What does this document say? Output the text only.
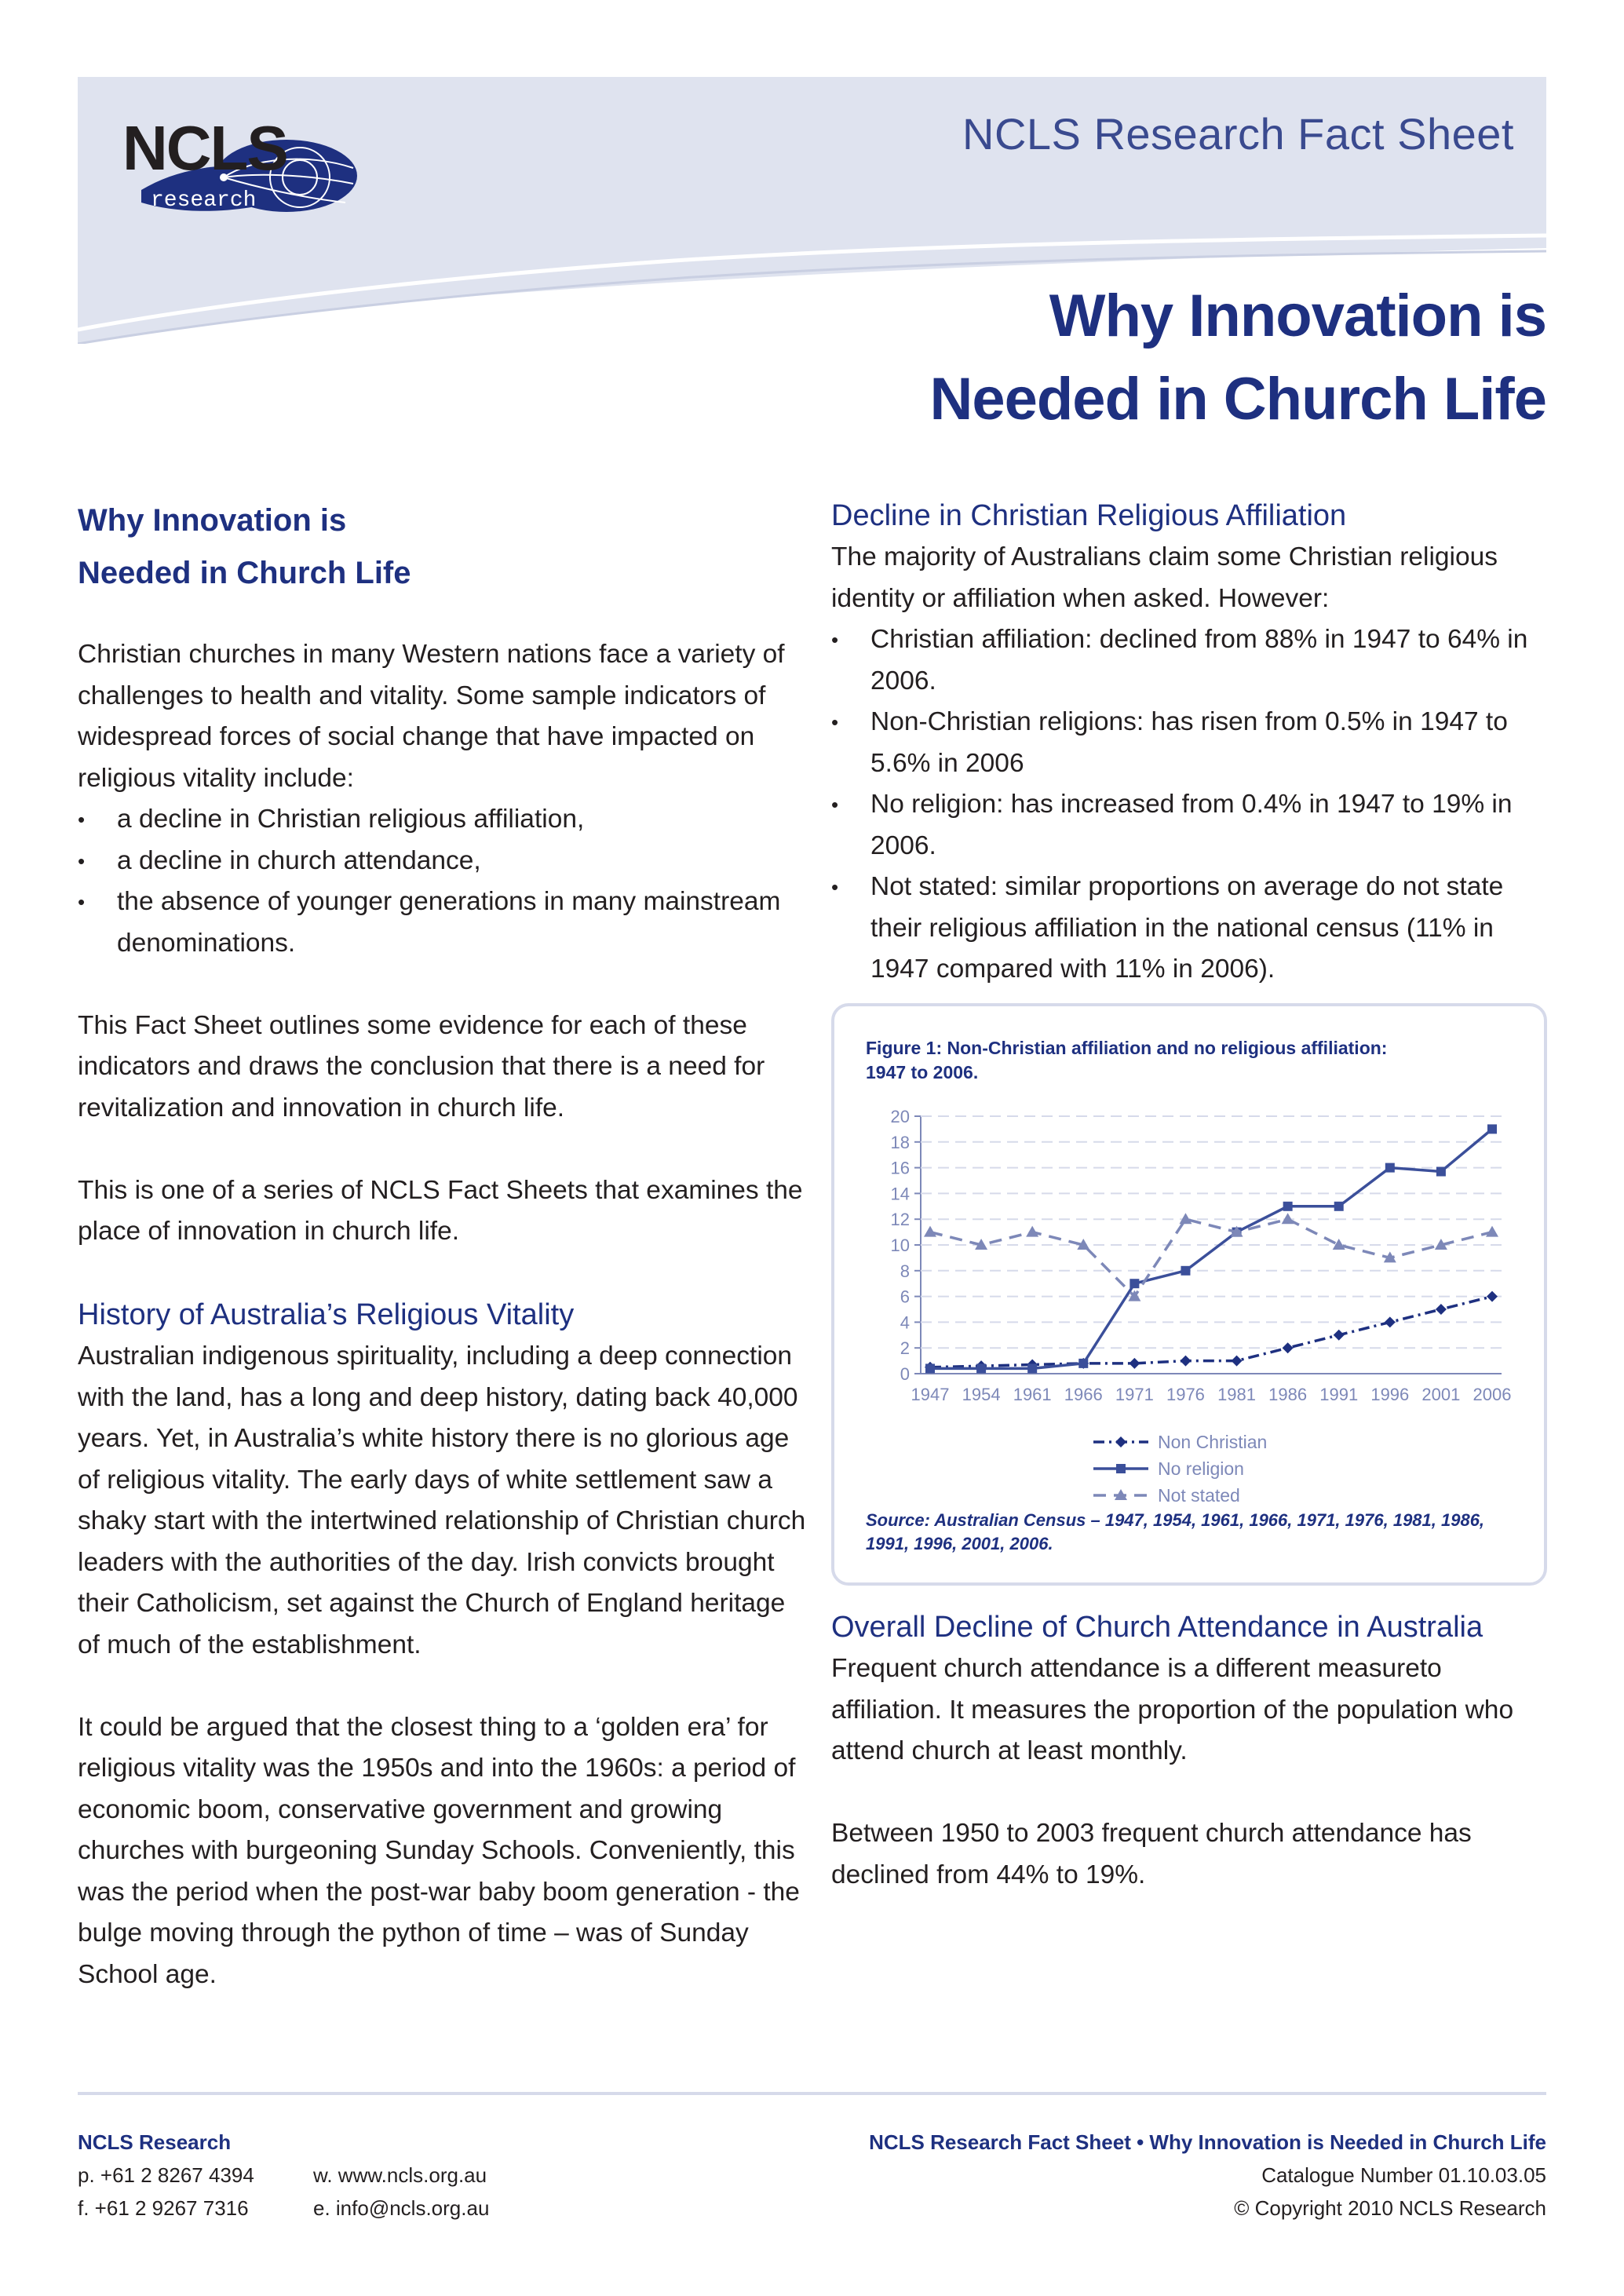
NCLS
research
NCLS Research Fact Sheet
Why Innovation is
Needed in Church Life
Why Innovation is
Needed in Church Life

Christian churches in many Western nations face a variety of challenges to health and vitality. Some sample indicators of widespread forces of social change that have impacted on religious vitality include:

• a decline in Christian religious affiliation,
• a decline in church attendance,
• the absence of younger generations in many mainstream denominations.

This Fact Sheet outlines some evidence for each of these indicators and draws the conclusion that there is a need for revitalization and innovation in church life.

This is one of a series of NCLS Fact Sheets that examines the place of innovation in church life.

History of Australia’s Religious Vitality

Australian indigenous spirituality, including a deep connection with the land, has a long and deep history, dating back 40,000 years. Yet, in Australia’s white history there is no glorious age of religious vitality. The early days of white settlement saw a shaky start with the intertwined relationship of Christian church leaders with the authorities of the day. Irish convicts brought their Catholicism, set against the Church of England heritage of much of the establishment.

It could be argued that the closest thing to a ‘golden era’ for religious vitality was the 1950s and into the 1960s: a period of economic boom, conservative government and growing churches with burgeoning Sunday Schools. Conveniently, this was the period when the post-war baby boom generation - the bulge moving through the python of time – was of Sunday School age.

Decline in Christian Religious Affiliation

The majority of Australians claim some Christian religious identity or affiliation when asked. However:

• Christian affiliation: declined from 88% in 1947 to 64% in 2006.
• Non-Christian religions: has risen from 0.5% in 1947 to 5.6% in 2006
• No religion: has increased from 0.4% in 1947 to 19% in 2006.
• Not stated: similar proportions on average do not state their religious affiliation in the national census (11% in 1947 compared with 11% in 2006).
Figure 1: Non-Christian affiliation and no religious affiliation: 1947 to 2006.
0
2
4
6
8
10
12
14
16
18
20
1947 1954 1961 1966 1971 1976 1981 1986 1991 1996 2001 2006
Non Christian
No religion
Not stated
Source: Australian Census – 1947, 1954, 1961, 1966, 1971, 1976, 1981, 1986, 1991, 1996, 2001, 2006.
Overall Decline of Church Attendance in Australia

Frequent church attendance is a different measureto affiliation. It measures the proportion of the population who attend church at least monthly.

Between 1950 to 2003 frequent church attendance has declined from 44% to 19%.

NCLS Research
p. +61 2 8267 4394	w. www.ncls.org.au
f. +61 2 9267 7316	e. info@ncls.org.au
NCLS Research Fact Sheet • Why Innovation is Needed in Church Life
Catalogue Number 01.10.03.05
© Copyright 2010 NCLS Research
